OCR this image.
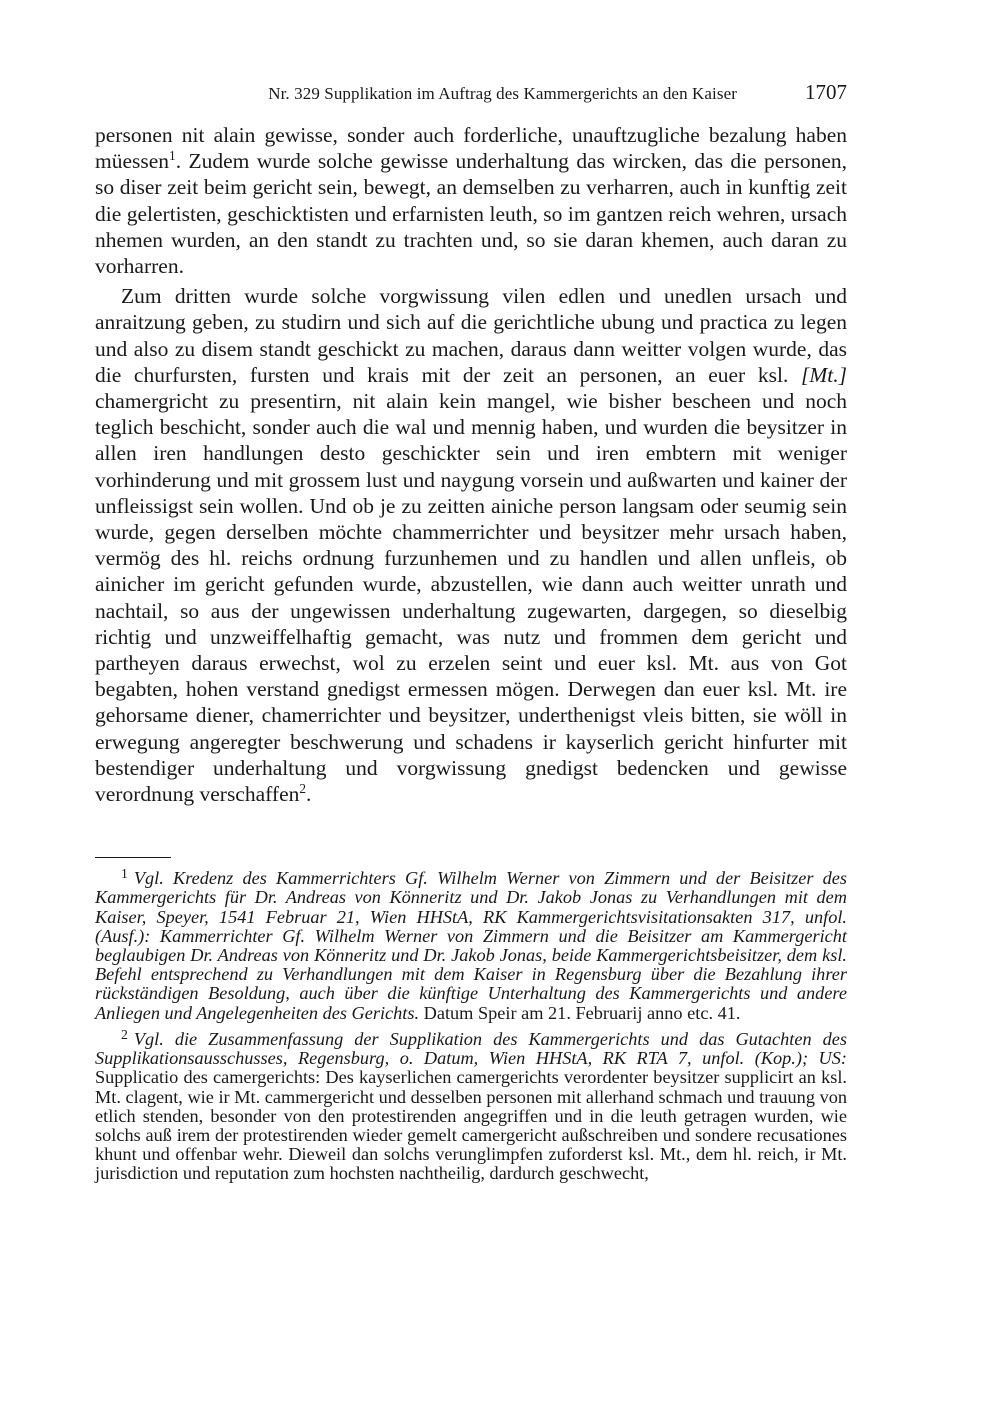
Nr. 329 Supplikation im Auftrag des Kammergerichts an den Kaiser	1707

personen nit alain gewisse, sonder auch forderliche, unauftzugliche bezalung haben müessen$^1$. Zudem wurde solche gewisse underhaltung das wircken, das die personen, so diser zeit beim gericht sein, bewegt, an demselben zu verharren, auch in kunftig zeit die gelertisten, geschicktisten und erfarnisten leuth, so im gantzen reich wehren, ursach nhemen wurden, an den standt zu trachten und, so sie daran khemen, auch daran zu vorharren.

Zum dritten wurde solche vorgwissung vilen edlen und unedlen ursach und anraitzung geben, zu studirn und sich auf die gerichtliche ubung und practica zu legen und also zu disem standt geschickt zu machen, daraus dann weitter volgen wurde, das die churfursten, fursten und krais mit der zeit an personen, an euer ksl. [Mt.] chamergricht zu presentirn, nit alain kein mangel, wie bisher bescheen und noch teglich beschicht, sonder auch die wal und mennig haben, und wurden die beysitzer in allen iren handlungen desto geschickter sein und iren embtern mit weniger vorhinderung und mit grossem lust und naygung vorsein und außwarten und kainer der unfleissigst sein wollen. Und ob je zu zeitten ainiche person langsam oder seumig sein wurde, gegen derselben möchte chammerrichter und beysitzer mehr ursach haben, vermög des hl. reichs ordnung furzunhemen und zu handlen und allen unfleis, ob ainicher im gericht gefunden wurde, abzustellen, wie dann auch weitter unrath und nachtail, so aus der ungewissen underhaltung zugewarten, dargegen, so dieselbig richtig und unzweiffelhaftig gemacht, was nutz und frommen dem gericht und partheyen daraus erwechst, wol zu erzelen seint und euer ksl. Mt. aus von Got begabten, hohen verstand gnedigst ermessen mögen. Derwegen dan euer ksl. Mt. ire gehorsame diener, chamerrichter und beysitzer, underthenigst vleis bitten, sie wöll in erwegung angeregter beschwerung und schadens ir kayserlich gericht hinfurter mit bestendiger underhaltung und vorgwissung gnedigst bedencken und gewisse verordnung verschaffen$^2$.

$^1$ Vgl. Kredenz des Kammerrichters Gf. Wilhelm Werner von Zimmern und der Beisitzer des Kammergerichts für Dr. Andreas von Könneritz und Dr. Jakob Jonas zu Verhandlungen mit dem Kaiser, Speyer, 1541 Februar 21, Wien HHStA, RK Kammergerichtsvisitationsakten 317, unfol. (Ausf.): Kammerrichter Gf. Wilhelm Werner von Zimmern und die Beisitzer am Kammergericht beglaubigen Dr. Andreas von Könneritz und Dr. Jakob Jonas, beide Kammergerichtsbeisitzer, dem ksl. Befehl entsprechend zu Verhandlungen mit dem Kaiser in Regensburg über die Bezahlung ihrer rückständigen Besoldung, auch über die künftige Unterhaltung des Kammergerichts und andere Anliegen und Angelegenheiten des Gerichts. Datum Speir am 21. Februarij anno etc. 41.

$^2$ Vgl. die Zusammenfassung der Supplikation des Kammergerichts und das Gutachten des Supplikationsausschusses, Regensburg, o. Datum, Wien HHStA, RK RTA 7, unfol. (Kop.); US: Supplicatio des camergerichts: Des kayserlichen camergerichts verordenter beysitzer supplicirt an ksl. Mt. clagent, wie ir Mt. cammergericht und desselben personen mit allerhand schmach und trauung von etlich stenden, besonder von den protestirenden angegriffen und in die leuth getragen wurden, wie solchs auß irem der protestirenden wieder gemelt camergericht außschreiben und sondere recusationes khunt und offenbar wehr. Dieweil dan solchs verunglimpfen zuforderst ksl. Mt., dem hl. reich, ir Mt. jurisdiction und reputation zum hochsten nachtheilig, dardurch geschwecht,
